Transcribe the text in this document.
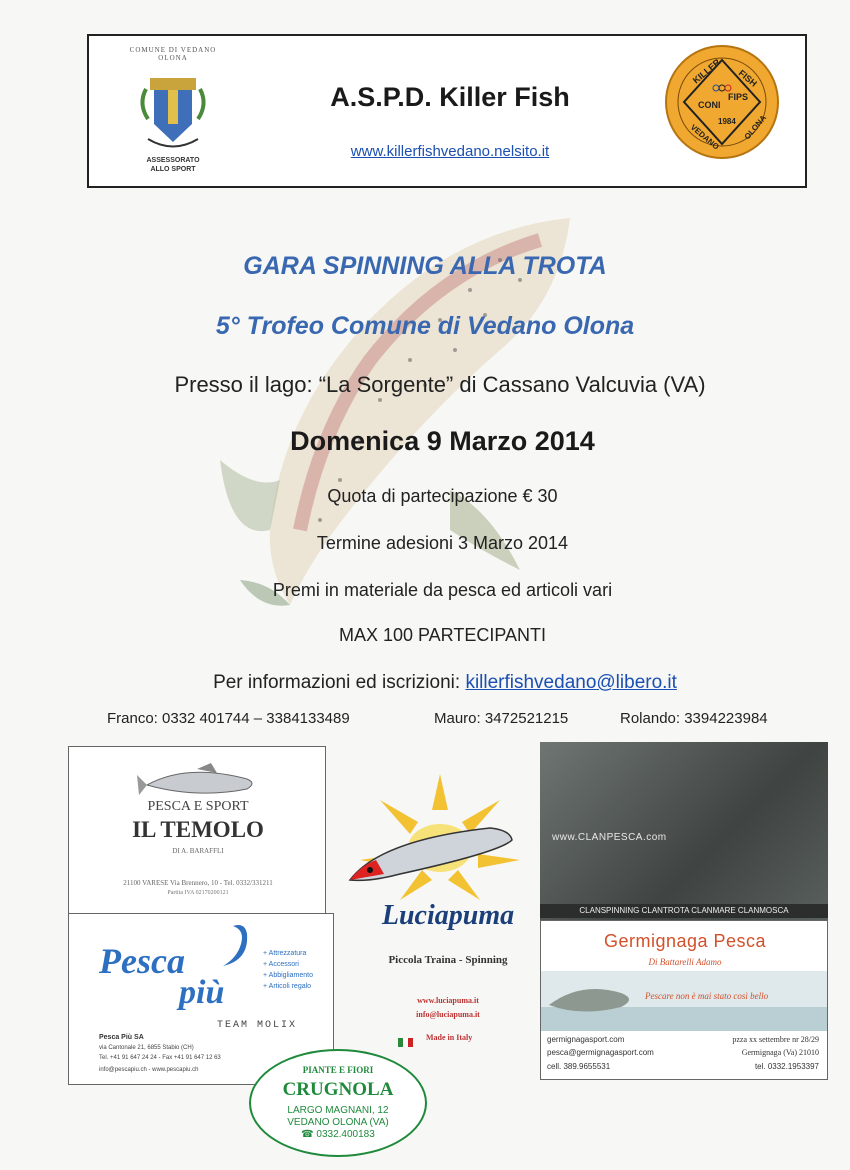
COMUNE DI VEDANO OLONA
ASSESSORATO
ALLO SPORT
A.S.P.D. Killer Fish
www.killerfishvedano.nelsito.it
KILLER FISH
CONI
FIPS
VEDANO
1984 OLONA
GARA SPINNING ALLA TROTA
5° Trofeo Comune di Vedano Olona
Presso il lago: “La Sorgente” di Cassano Valcuvia (VA)
Domenica 9 Marzo 2014
Quota di partecipazione € 30
Termine adesioni 3 Marzo 2014
Premi in materiale da pesca ed articoli vari
MAX 100 PARTECIPANTI
Per informazioni ed iscrizioni: killerfishvedano@libero.it
Franco: 0332 401744 – 3384133489	Mauro: 3472521215	Rolando: 3394223984
PESCA E SPORT
IL TEMOLO
DI A. BARAFFLI
21100 VARESE Via Brennero, 10 - Tel. 0332/331211
Partita IVA 02170200121
Pesca
più
+ Attrezzatura
+ Accessori
+ Abbigliamento
+ Articoli regalo
TEAM MOLIX
Pesca Più SA
via Cantonale 21, 6855 Stabio (CH)
Tel. +41 91 647 24 24 - Fax +41 91 647 12 63
info@pescapiu.ch - www.pescapiu.ch
Luciapuma
Piccola Traina - Spinning
www.luciapuma.it
info@luciapuma.it
Made in Italy
www.CLANPESCA.com
CLANSPINNING CLANTROTA CLANMARE CLANMOSCA
Germignaga Pesca
Di Battarelli Adamo
Pescare non è mai stato così bello
germignagasport.com
pesca@germignagasport.com
cell. 389.9655531
pzza xx settembre nr 28/29
Germignaga (Va) 21010
tel. 0332.1953397
PIANTE E FIORI
CRUGNOLA
LARGO MAGNANI, 12
VEDANO OLONA (VA)
☎ 0332.400183
